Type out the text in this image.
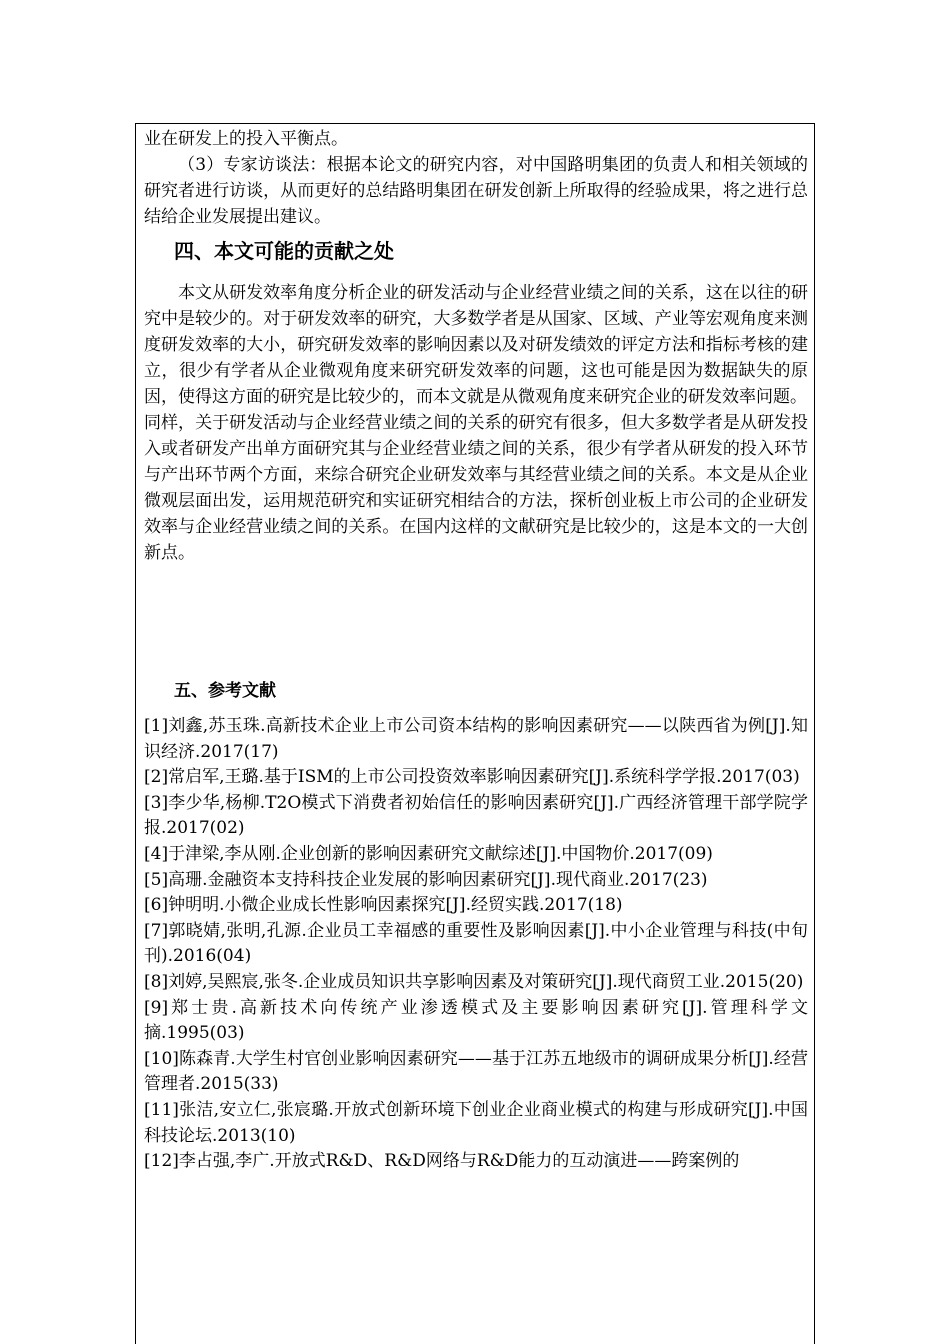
业在研发上的投入平衡点。

（3）专家访谈法：根据本论文的研究内容，对中国路明集团的负责人和相关领域的研究者进行访谈，从而更好的总结路明集团在研发创新上所取得的经验成果，将之进行总结给企业发展提出建议。

四、本文可能的贡献之处

本文从研发效率角度分析企业的研发活动与企业经营业绩之间的关系，这在以往的研究中是较少的。对于研发效率的研究，大多数学者是从国家、区域、产业等宏观角度来测度研发效率的大小，研究研发效率的影响因素以及对研发绩效的评定方法和指标考核的建立，很少有学者从企业微观角度来研究研发效率的问题，这也可能是因为数据缺失的原因，使得这方面的研究是比较少的，而本文就是从微观角度来研究企业的研发效率问题。

同样，关于研发活动与企业经营业绩之间的关系的研究有很多，但大多数学者是从研发投入或者研发产出单方面研究其与企业经营业绩之间的关系，很少有学者从研发的投入环节与产出环节两个方面，来综合研究企业研发效率与其经营业绩之间的关系。本文是从企业微观层面出发，运用规范研究和实证研究相结合的方法，探析创业板上市公司的企业研发效率与企业经营业绩之间的关系。在国内这样的文献研究是比较少的，这是本文的一大创新点。

五、参考文献

[1]刘鑫,苏玉珠.高新技术企业上市公司资本结构的影响因素研究——以陕西省为例[J].知识经济.2017(17)

[2]常启军,王璐.基于ISM的上市公司投资效率影响因素研究[J].系统科学学报.2017(03)

[3]李少华,杨柳.T2O模式下消费者初始信任的影响因素研究[J].广西经济管理干部学院学报.2017(02)

[4]于津梁,李从刚.企业创新的影响因素研究文献综述[J].中国物价.2017(09)

[5]高珊.金融资本支持科技企业发展的影响因素研究[J].现代商业.2017(23)

[6]钟明明.小微企业成长性影响因素探究[J].经贸实践.2017(18)

[7]郭晓婧,张明,孔源.企业员工幸福感的重要性及影响因素[J].中小企业管理与科技(中旬刊).2016(04)

[8]刘婷,吴熙宸,张冬.企业成员知识共享影响因素及对策研究[J].现代商贸工业.2015(20)

[9]郑士贵.高新技术向传统产业渗透模式及主要影响因素研究[J].管理科学文摘.1995(03)

[10]陈森青.大学生村官创业影响因素研究——基于江苏五地级市的调研成果分析[J].经营管理者.2015(33)

[11]张洁,安立仁,张宸璐.开放式创新环境下创业企业商业模式的构建与形成研究[J].中国科技论坛.2013(10)

[12]李占强,李广.开放式R&D、R&D网络与R&D能力的互动演进——跨案例的
